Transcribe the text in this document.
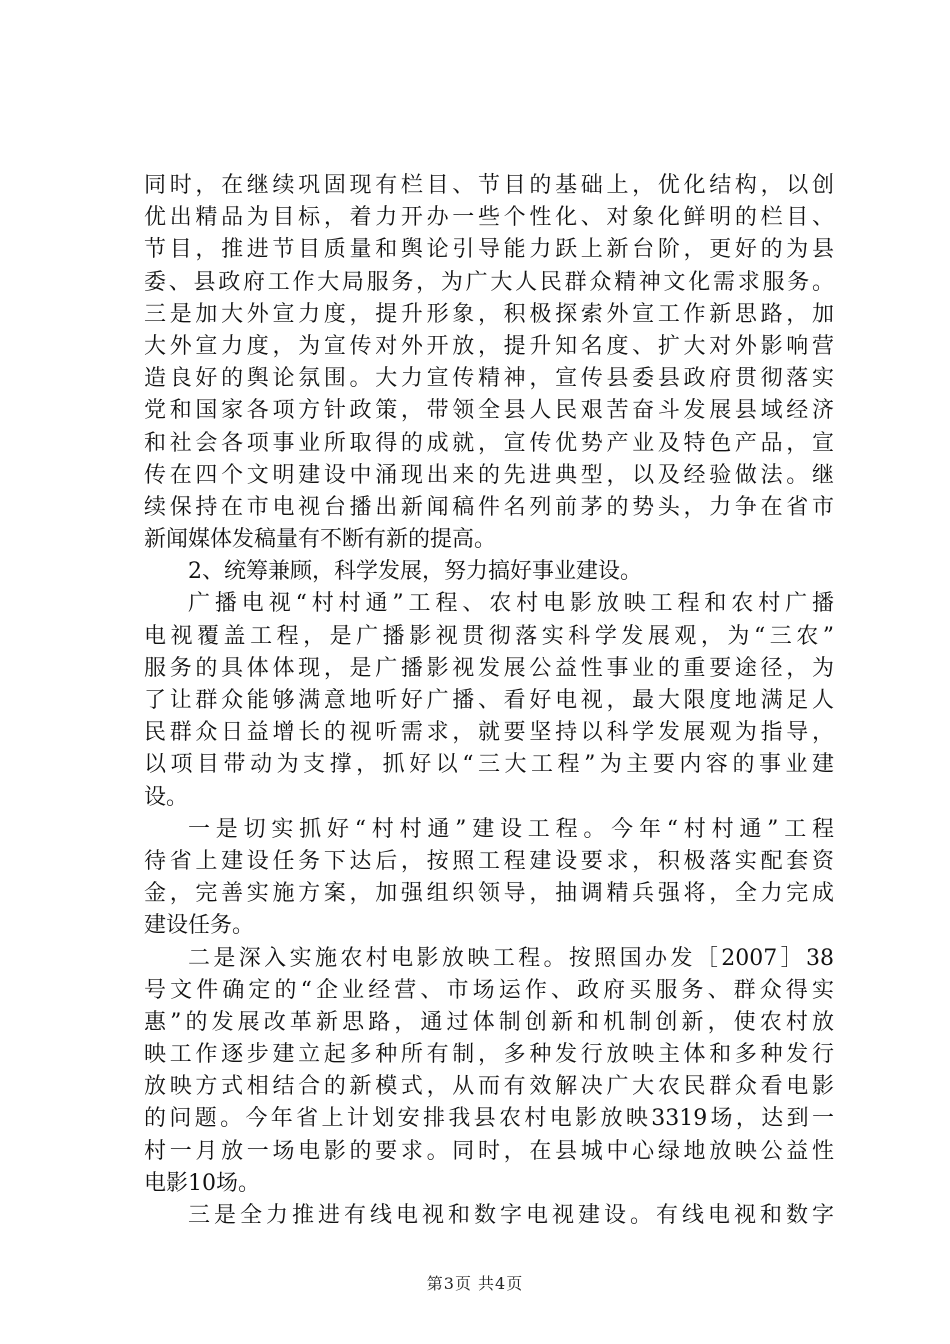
同时，在继续巩固现有栏目、节目的基础上，优化结构，以创
优出精品为目标，着力开办一些个性化、对象化鲜明的栏目、
节目，推进节目质量和舆论引导能力跃上新台阶，更好的为县
委、县政府工作大局服务，为广大人民群众精神文化需求服务。
三是加大外宣力度，提升形象，积极探索外宣工作新思路，加
大外宣力度，为宣传对外开放，提升知名度、扩大对外影响营
造良好的舆论氛围。大力宣传精神，宣传县委县政府贯彻落实
党和国家各项方针政策，带领全县人民艰苦奋斗发展县域经济
和社会各项事业所取得的成就，宣传优势产业及特色产品，宣
传在四个文明建设中涌现出来的先进典型，以及经验做法。继
续保持在市电视台播出新闻稿件名列前茅的势头，力争在省市
新闻媒体发稿量有不断有新的提高。
2、统筹兼顾，科学发展，努力搞好事业建设。
广播电视“村村通”工程、农村电影放映工程和农村广播
电视覆盖工程，是广播影视贯彻落实科学发展观，为“三农”
服务的具体体现，是广播影视发展公益性事业的重要途径，为
了让群众能够满意地听好广播、看好电视，最大限度地满足人
民群众日益增长的视听需求，就要坚持以科学发展观为指导，
以项目带动为支撑，抓好以“三大工程”为主要内容的事业建
设。
一是切实抓好“村村通”建设工程。今年“村村通”工程
待省上建设任务下达后，按照工程建设要求，积极落实配套资
金，完善实施方案，加强组织领导，抽调精兵强将，全力完成
建设任务。
二是深入实施农村电影放映工程。按照国办发［2007］38
号文件确定的“企业经营、市场运作、政府买服务、群众得实
惠”的发展改革新思路，通过体制创新和机制创新，使农村放
映工作逐步建立起多种所有制，多种发行放映主体和多种发行
放映方式相结合的新模式，从而有效解决广大农民群众看电影
的问题。今年省上计划安排我县农村电影放映3319场，达到一
村一月放一场电影的要求。同时，在县城中心绿地放映公益性
电影10场。
三是全力推进有线电视和数字电视建设。有线电视和数字
第3页 共4页
